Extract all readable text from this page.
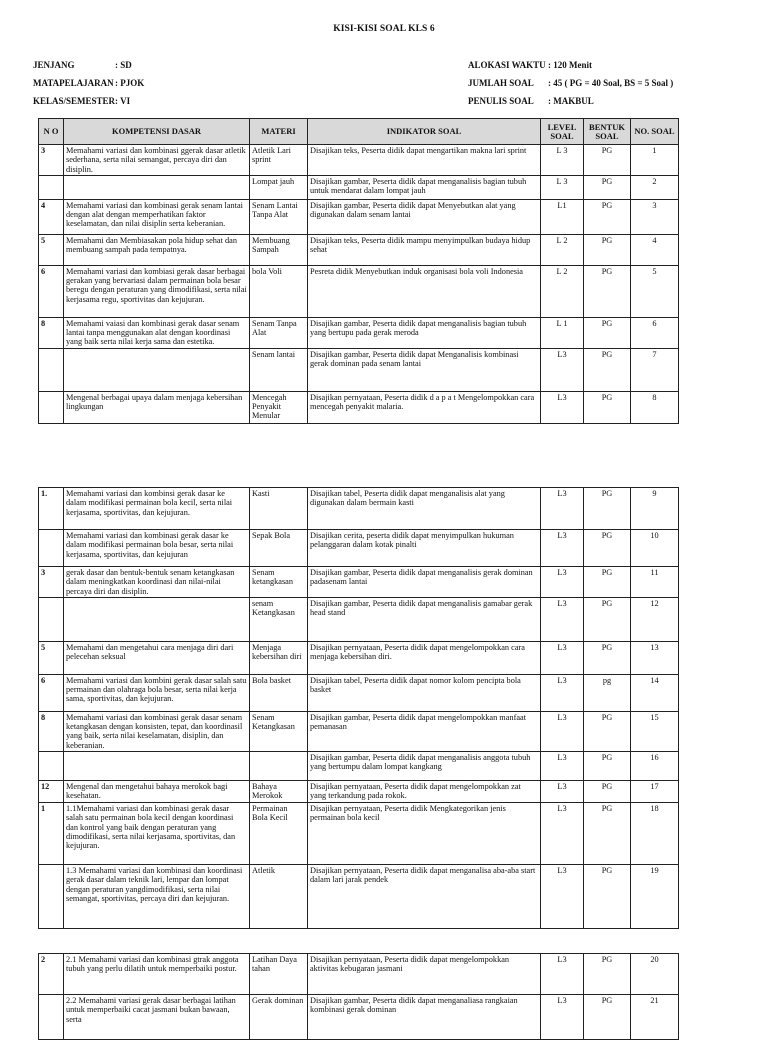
KISI-KISI SOAL KLS 6
JENJANG	: SD
MATAPELAJARAN: PJOK
KELAS/SEMESTER: VI
ALOKASI WAKTU : 120 Menit
JUMLAH SOAL : 45 ( PG = 40 Soal, BS = 5 Soal )
PENULIS SOAL : MAKBUL
N O	KOMPETENSI DASAR	MATERI	INDIKATOR SOAL	LEVEL SOAL	BENTUK SOAL	NO. SOAL
3	Memahami variasi dan kombinasi ggerak dasar atletik sederhana, serta nilai semangat, percaya diri dan disiplin.	Atletik Lari sprint	Disajikan teks, Peserta didik dapat mengartikan makna lari sprint	L 3	PG	1
		Lompat jauh	Disajikan gambar, Peserta didik dapat menganalisis bagian tubuh untuk mendarat dalam lompat jauh	L 3	PG	2
4	Memahami variasi dan kombinasi gerak senam lantai dengan alat dengan memperhatikan faktor keselamatan, dan nilai disiplin serta keberanian.	Senam Lantai Tanpa Alat	Disajikan gambar, Peserta didik dapat Menyebutkan alat yang digunakan dalam senam lantai	L1	PG	3
5	Memahami dan Membiasakan pola hidup sehat dan membuang sampah pada tempatnya.	Membuang Sampah	Disajikan teks, Peserta didik mampu menyimpulkan budaya hidup sehat	L 2	PG	4
6	Memahami variasi dan kombiasi gerak dasar berbagai gerakan yang bervariasi dalam permainan bola besar beregu dengan peraturan yang dimodifikasi, serta nilai kerjasama regu, sportivitas dan kejujuran.	bola Voli	Pesreta didik Menyebutkan induk organisasi bola voli Indonesia	L 2	PG	5
8	Memahami vaiasi dan kombinasi gerak dasar senam lantai tanpa menggunakan alat dengan koordinasi yang baik serta nilai kerja sama dan estetika.	Senam Tanpa Alat	Disajikan gambar, Peserta didik dapat menganalisis bagian tubuh yang bertupu pada gerak meroda	L 1	PG	6
		Senam lantai	Disajikan gambar, Peserta didik dapat Menganalisis kombinasi gerak dominan pada senam lantai	L3	PG	7
	Mengenal berbagai upaya dalam menjaga kebersihan lingkungan	Mencegah Penyakit Menular	Disajikan pernyataan, Peserta didik d a p a t Mengelompokkan cara mencegah penyakit malaria.	L3	PG	8
1.	Memahami variasi dan kombinsi gerak dasar ke dalam modifikasi permainan bola kecil, serta nilai kerjasama, sportivitas, dan kejujuran.	Kasti	Disajikan tabel, Peserta didik dapat menganalisis alat yang digunakan dalam bermain kasti	L3	PG	9
	Memahami variasi dan kombinasi gerak dasar ke dalam modifikasi permainan bola besar, serta nilai kerjasama, sportivitas, dan kejujuran	Sepak Bola	Disajikan cerita, peserta didik dapat menyimpulkan hukuman pelanggaran dalam kotak pinalti	L3	PG	10
3	gerak dasar dan bentuk-bentuk senam ketangkasan dalam meningkatkan koordinasi dan nilai-nilai percaya diri dan disiplin.	Senam ketangkasan	Disajikan gambar, Peserta didik dapat menganalisis gerak dominan padasenam lantai	L3	PG	11
		senam Ketangkasan	Disajikan gambar, Peserta didik dapat menganalisis gamabar gerak head stand	L3	PG	12
5	Memahami dan mengetahui cara menjaga diri dari pelecehan seksual	Menjaga kebersihan diri	Disajikan pernyataan, Peserta didik dapat mengelompokkan cara menjaga kebersihan diri.	L3	PG	13
6	Memahami variasi dan kombini gerak dasar salah satu permainan dan olahraga bola besar, serta nilai kerja sama, sportivitas, dan kejujuran.	Bola basket	Disajikan tabel, Peserta didik dapat nomor kolom pencipta bola basket	L3	pg	14
8	Memahami variasi dan kombinasi gerak dasar senam ketangkasan dengan konsisten, tepat, dan koordinasil yang baik, serta nilai keselamatan, disiplin, dan keberanian.	Senam Ketangkasan	Disajikan gambar, Peserta didik dapat mengelompokkan manfaat pemanasan	L3	PG	15
			Disajikan gambar, Peserta didik dapat menganalisis anggota tubuh yang bertumpu dalam lompat kangkang	L3	PG	16
12	Mengenal dan mengetahui bahaya merokok bagi kesehatan.	Bahaya Merokok	Disajikan pernyataan, Peserta didik dapat mengelompokkan zat yang terkandung pada rokok.	L3	PG	17
1	1.1Memahami variasi dan kombinasi gerak dasar salah satu permainan bola kecil dengan koordinasi dan kontrol yang baik dengan peraturan yang dimodifikasi, serta nilai kerjasama, sportivitas, dan kejujuran.	Permainan Bola Kecil	Disajikan pernyataan, Peserta didik Mengkategorikan jenis permainan bola kecil	L3	PG	18
	1.3 Memahami variasi dan kombinasi dan koordinasi gerak dasar dalam teknik lari, lempar dan lompat dengan peraturan yangdimodifikasi, serta nilai semangat, sportivitas, percaya diri dan kejujuran.	Atletik	Disajikan pernyataan, Peserta didik dapat menganalisa aba-aba start dalam lari jarak pendek	L3	PG	19
2	2.1 Memahami variasi dan kombinasi gtrak anggota tubuh yang perlu dilatih untuk memperbaiki postur.	Latihan Daya tahan	Disajikan pernyataan, Peserta didik dapat mengelompokkan aktivitas kebugaran jasmani	L3	PG	20
	2.2 Memahami variasi gerak dasar berbagai latihan untuk memperbaiki cacat jasmani bukan bawaan, serta	Gerak dominan	Disajikan gambar, Peserta didik dapat menganaliasa rangkaian kombinasi gerak dominan	L3	PG	21
